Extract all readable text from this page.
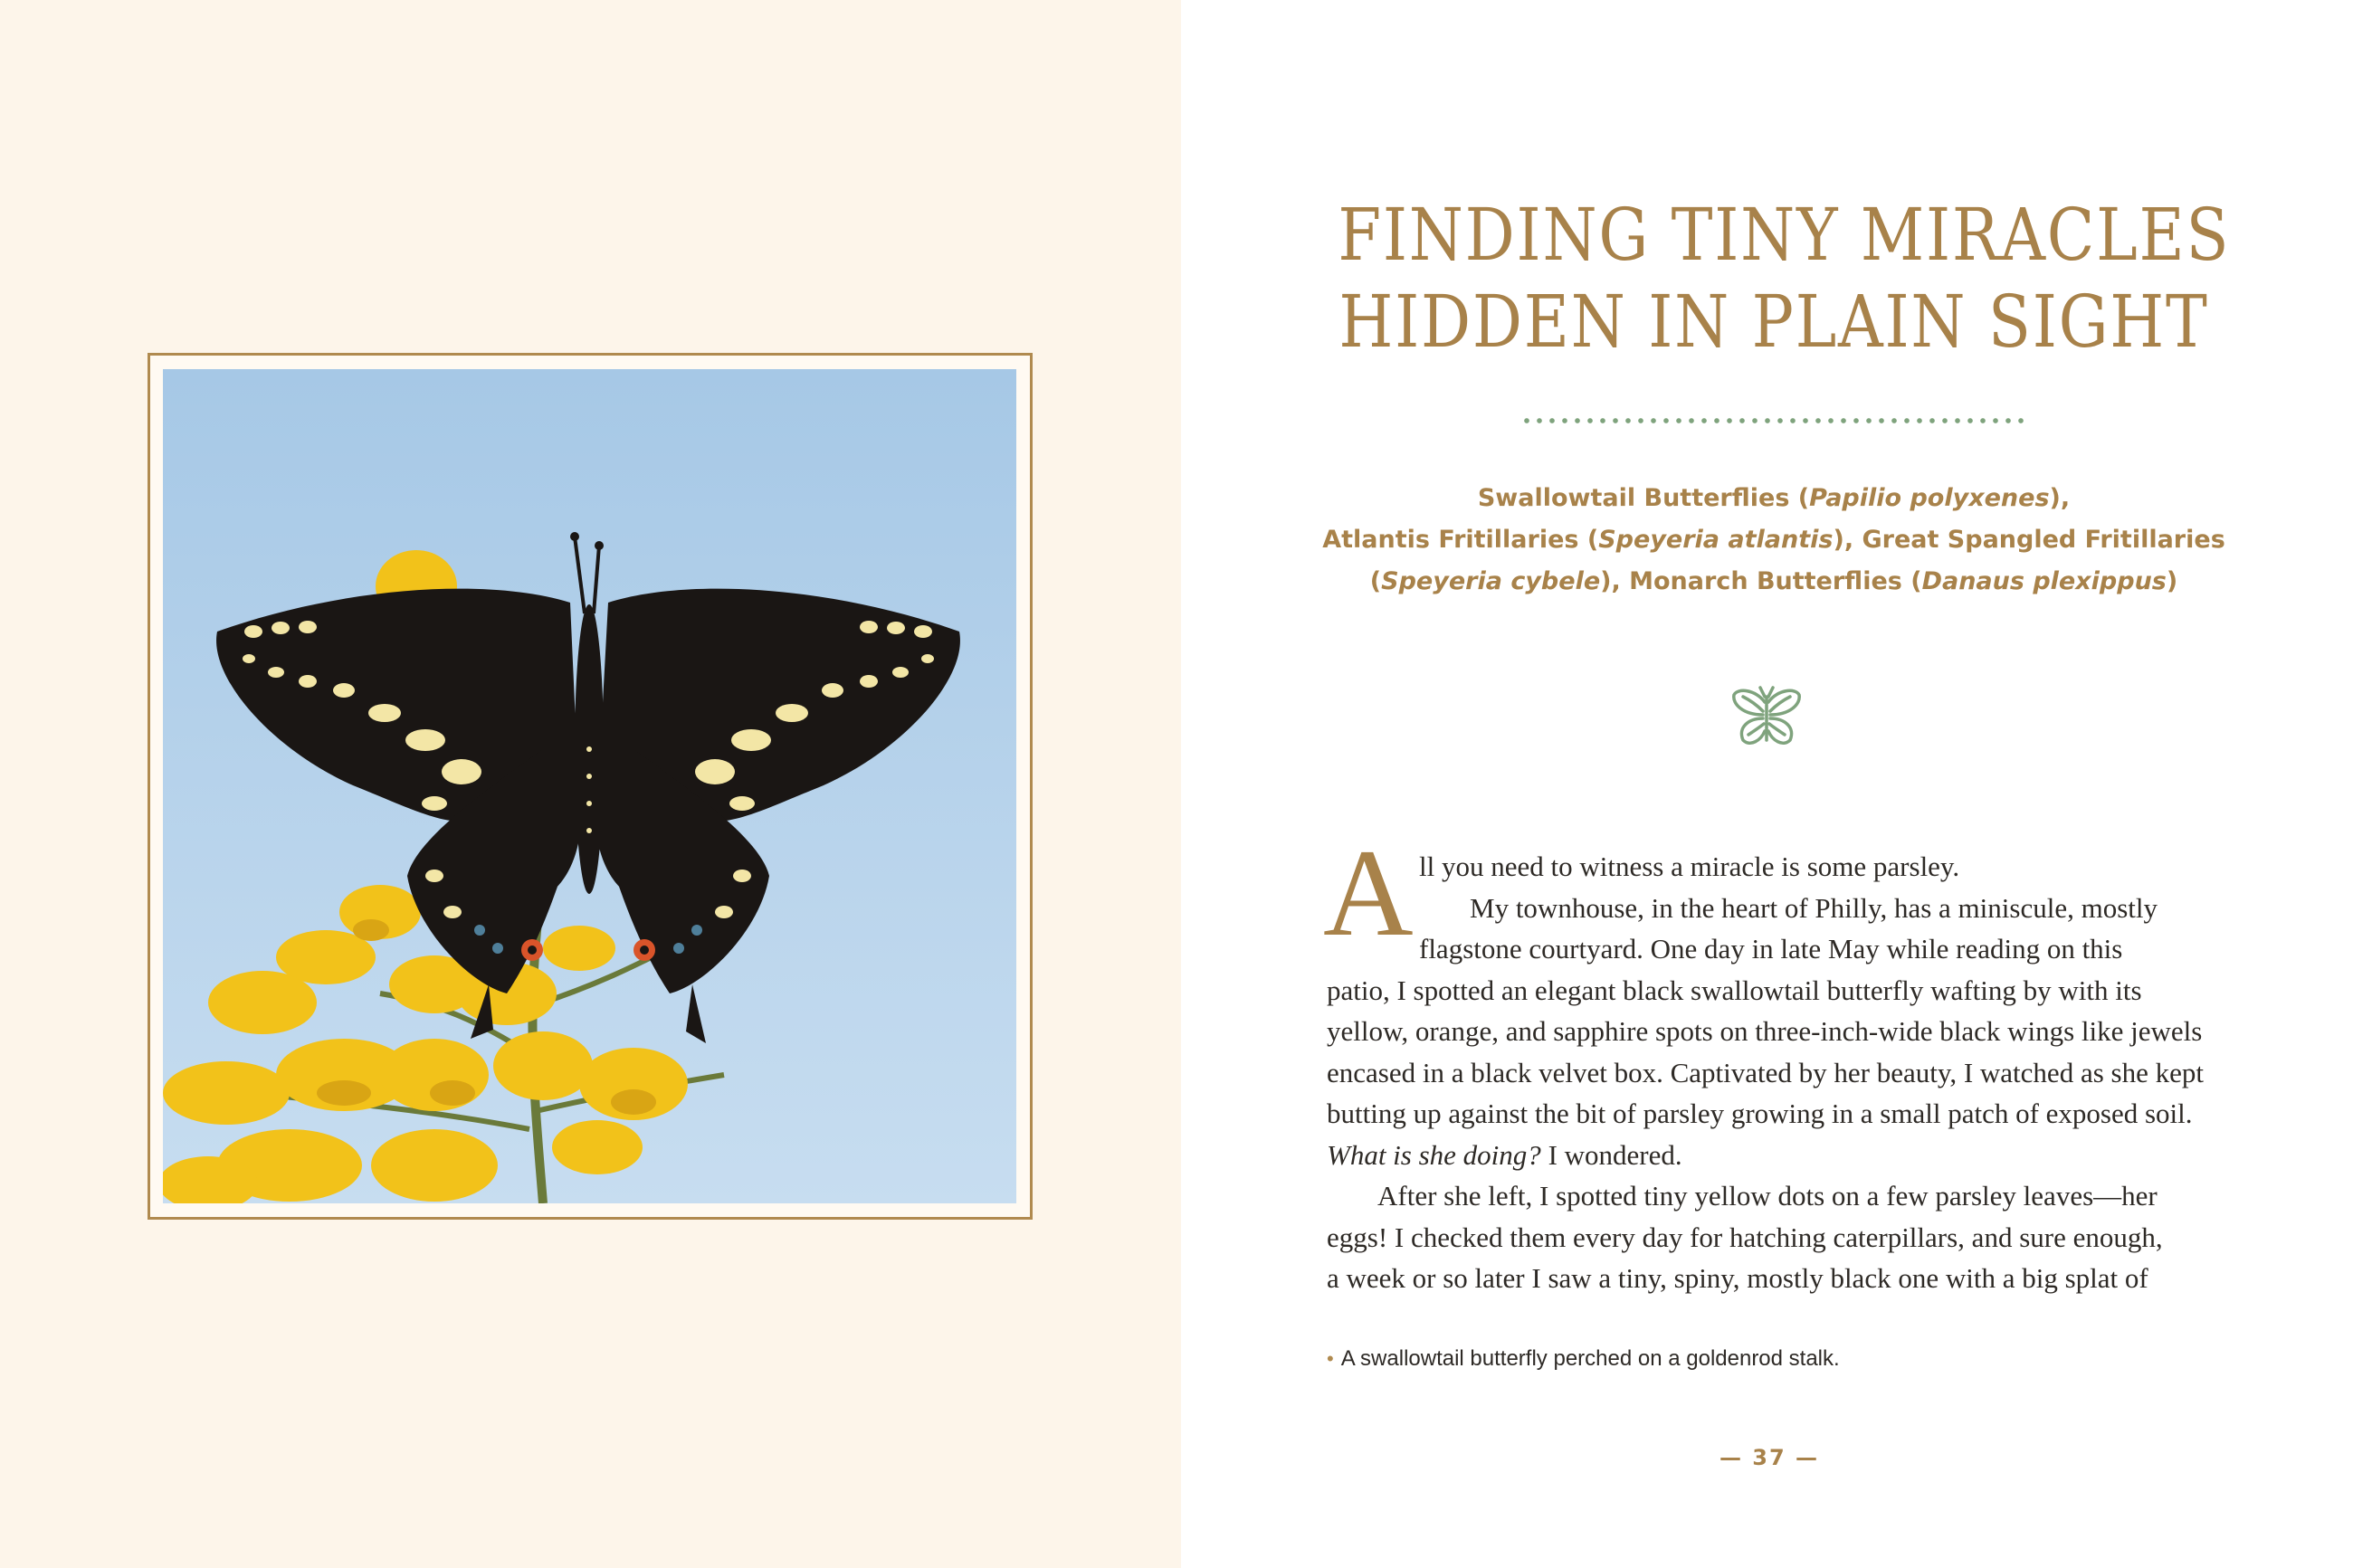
FINDING TINY MIRACLES
HIDDEN IN PLAIN SIGHT
Swallowtail Butterflies (Papilio polyxenes),
Atlantis Fritillaries (Speyeria atlantis), Great Spangled Fritillaries
(Speyeria cybele), Monarch Butterflies (Danaus plexippus)
A ll you need to witness a miracle is some parsley.
My townhouse, in the heart of Philly, has a miniscule, mostly
flagstone courtyard. One day in late May while reading on this
patio, I spotted an elegant black swallowtail butterfly wafting by with its
yellow, orange, and sapphire spots on three-inch-wide black wings like jewels
encased in a black velvet box. Captivated by her beauty, I watched as she kept
butting up against the bit of parsley growing in a small patch of exposed soil.
What is she doing? I wondered.
After she left, I spotted tiny yellow dots on a few parsley leaves—her
eggs! I checked them every day for hatching caterpillars, and sure enough,
a week or so later I saw a tiny, spiny, mostly black one with a big splat of
• A swallowtail butterfly perched on a goldenrod stalk.
— 37 —
